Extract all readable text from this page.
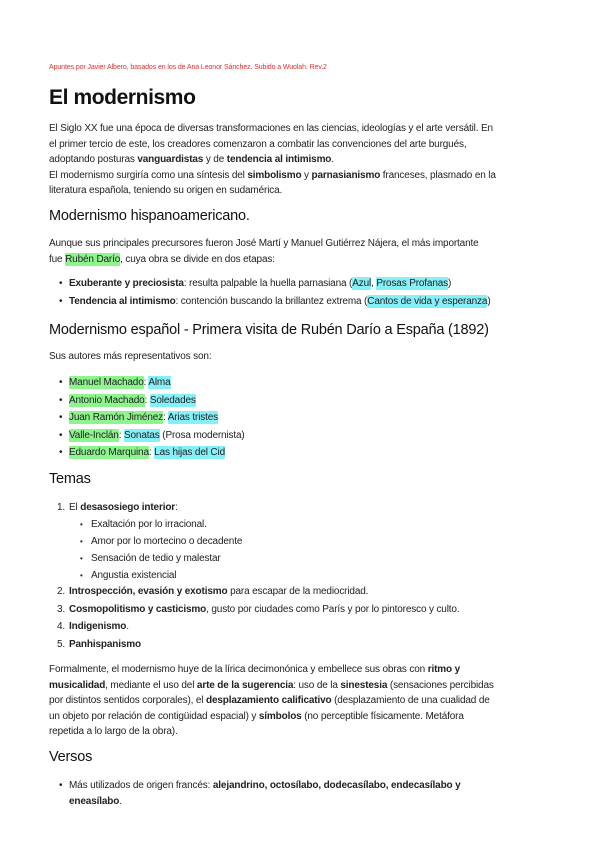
Apuntes por Javier Albero, basados en los de Ana Leonor Sánchez. Subido a Wuolah. Rev.2
El modernismo

El Siglo XX fue una época de diversas transformaciones en las ciencias, ideologías y el arte versátil. En
el primer tercio de este, los creadores comenzaron a combatir las convenciones del arte burgués,
adoptando posturas vanguardistas y de tendencia al intimismo.
El modernismo surgiría como una síntesis del simbolismo y parnasianismo franceses, plasmado en la
literatura española, teniendo su origen en sudamérica.

Modernismo hispanoamericano.

Aunque sus principales precursores fueron José Martí y Manuel Gutiérrez Nájera, el más importante
fue Rubén Darío, cuya obra se divide en dos etapas:

• Exuberante y preciosista: resulta palpable la huella parnasiana (Azul, Prosas Profanas)
• Tendencia al intimismo: contención buscando la brillantez extrema (Cantos de vida y esperanza)
Modernismo español - Primera visita de Rubén Darío a España (1892)

Sus autores más representativos son:

• Manuel Machado: Alma
• Antonio Machado: Soledades
• Juan Ramón Jiménez: Arias tristes
• Valle-Inclán: Sonatas (Prosa modernista)
• Eduardo Marquina: Las hijas del Cid
Temas
1. El desasosiego interior:
• Exaltación por lo irracional.
• Amor por lo mortecino o decadente
• Sensación de tedio y malestar
• Angustia existencial
2. Introspección, evasión y exotismo para escapar de la mediocridad.
3. Cosmopolitismo y casticismo, gusto por ciudades como París y por lo pintoresco y culto.
4. Indigenismo.
5. Panhispanismo

Formalmente, el modernismo huye de la lírica decimonónica y embellece sus obras con ritmo y
musicalidad, mediante el uso del arte de la sugerencia: uso de la sinestesia (sensaciones percibidas
por distintos sentidos corporales), el desplazamiento calificativo (desplazamiento de una cualidad de
un objeto por relación de contigüidad espacial) y símbolos (no perceptible físicamente. Metáfora
repetida a lo largo de la obra).

Versos
• Más utilizados de origen francés: alejandrino, octosílabo, dodecasílabo, endecasílabo y
eneasílabo.
